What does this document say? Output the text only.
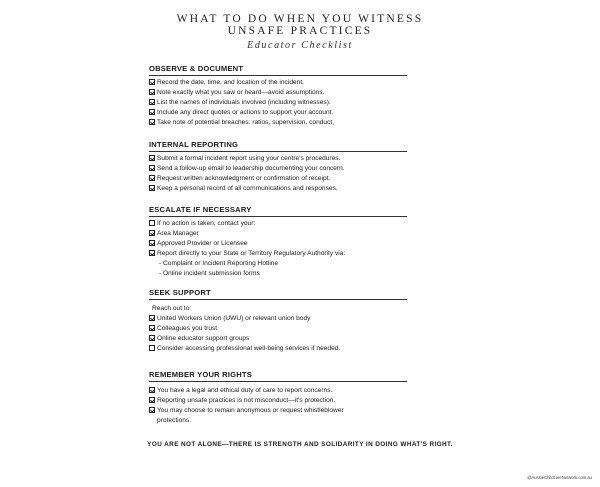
WHAT TO DO WHEN YOU WITNESS
UNSAFE PRACTICES
Educator Checklist
OBSERVE & DOCUMENT
Record the date, time, and location of the incident.
Note exactly what you saw or heard—avoid assumptions.
List the names of individuals involved (including witnesses).
Include any direct quotes or actions to support your account.
Take note of potential breaches: ratios, supervision, conduct,
INTERNAL REPORTING
Submit a formal incident report using your centre's procedures.
Send a follow-up email to leadership documenting your concern.
Request written acknowledgment or confirmation of receipt.
Keep a personal record of all communications and responses.
ESCALATE IF NECESSARY
If no action is taken, contact your:
Area Manager
Approved Provider or Licensee
Report directly to your State or Territory Regulatory Authority via:
- Complaint or Incident Reporting Hotline
- Online incident submission forms
SEEK SUPPORT
Reach out to:
United Workers Union (UWU) or relevant union body
Colleagues you trust
Online educator support groups
Consider accessing professional well-being services if needed.
REMEMBER YOUR RIGHTS
You have a legal and ethical duty of care to report concerns.
Reporting unsafe practices is not misconduct—it's protection.
You may choose to remain anonymous or request whistleblower protections.
YOU ARE NOT ALONE—THERE IS STRENGTH AND SOLIDARITY IN DOING WHAT'S RIGHT.
@AussieChildcareNetwork.com.au
